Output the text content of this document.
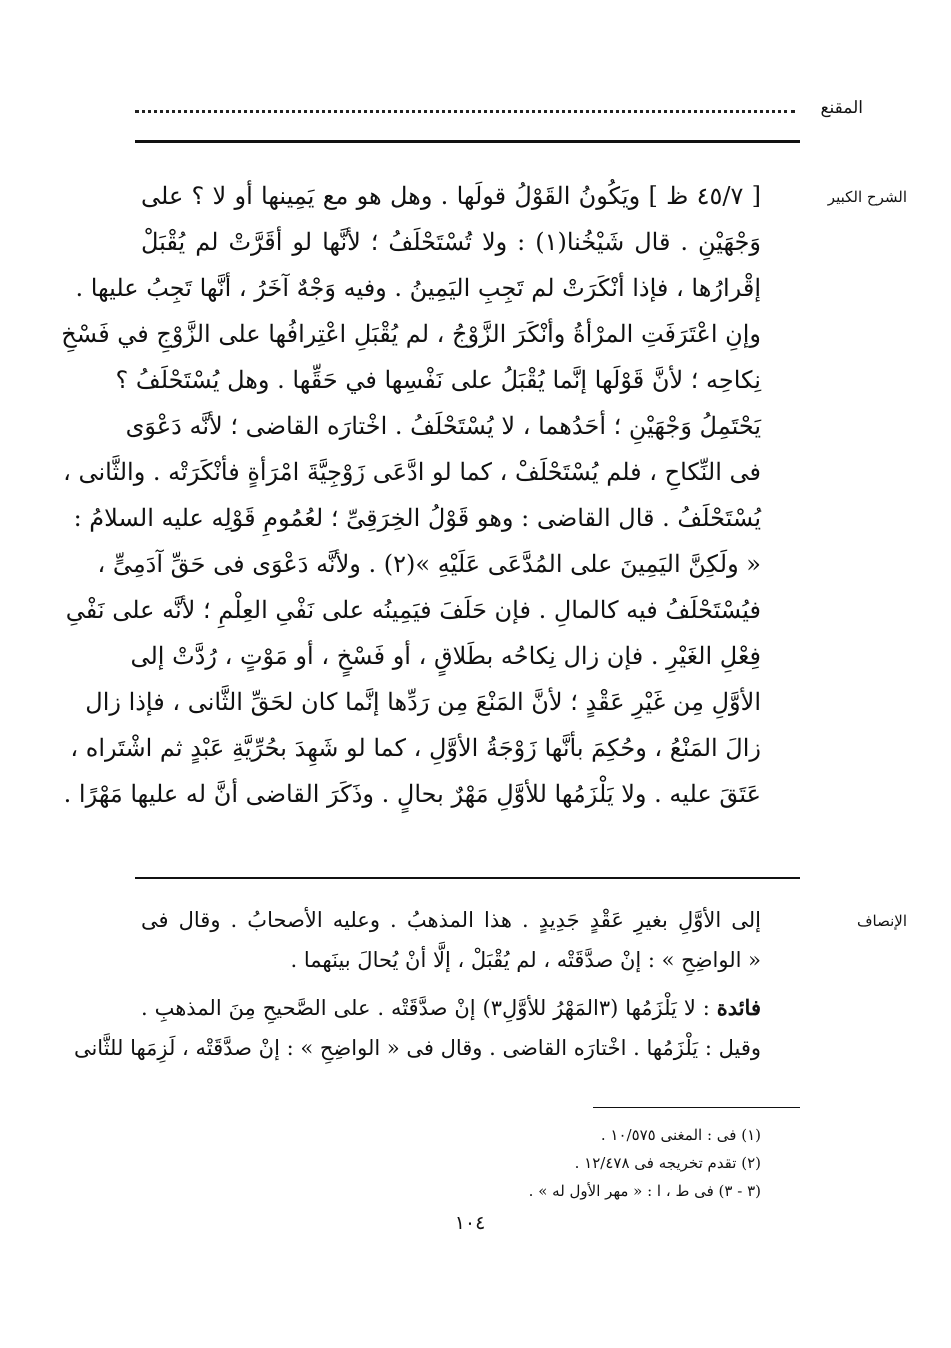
المقنع
الشرح الكبير
[ ٤٥/٧ ظ ] ويَكُونُ القَوْلُ قولَها . وهل هو مع يَمِينها أو لا ؟ على
وَجْهَيْنِ . قال شَيْخُنا(١) : ولا تُسْتَحْلَفُ ؛ لأنَّها لو أقَرَّتْ لم يُقْبَلْ
إقْرارُها ، فإذا أنْكَرَتْ لم تَجِبِ اليَمِينُ . وفيه وَجْهٌ آخَرُ ، أنَّها تَجِبُ عليها .
وإنِ اعْتَرَفَتِ المرْأةُ وأنْكَرَ الزَّوْجُ ، لم يُقْبَلِ اعْتِرافُها على الزَّوْجِ في فَسْخِ
نِكاحِه ؛ لأنَّ قَوْلَها إنَّما يُقْبَلُ على نَفْسِها في حَقِّها . وهل يُسْتَحْلَفُ ؟
يَحْتَمِلُ وَجْهَيْنِ ؛ أحَدُهما ، لا يُسْتَحْلَفُ . اخْتارَه القاضى ؛ لأنَّه دَعْوَى
فى النِّكاحِ ، فلم يُسْتَحْلَفْ ، كما لو ادَّعَى زَوْجِيَّةَ امْرَأةٍ فأنْكَرَتْه . والثَّانى ،
يُسْتَحْلَفُ . قال القاضى : وهو قَوْلُ الخِرَقِىِّ ؛ لعُمُومِ قَوْلِه عليه السلامُ :
« ولَكِنَّ اليَمِينَ على المُدَّعَى عَلَيْهِ »(٢) . ولأنَّه دَعْوَى فى حَقِّ آدَمِىٍّ ،
فيُسْتَحْلَفُ فيه كالمالِ . فإن حَلَفَ فيَمِينُه على نَفْىِ العِلْمِ ؛ لأنَّه على نَفْىِ
فِعْلِ الغَيْرِ . فإن زال نِكاحُه بطَلاقٍ ، أو فَسْخٍ ، أو مَوْتٍ ، رُدَّتْ إلى
الأوَّلِ مِن غَيْرِ عَقْدٍ ؛ لأنَّ المَنْعَ مِن رَدِّها إنَّما كان لحَقِّ الثَّانى ، فإذا زال
زالَ المَنْعُ ، وحُكِمَ بأنَّها زَوْجَةُ الأوَّلِ ، كما لو شَهِدَ بحُرِّيَّةِ عَبْدٍ ثم اشْتَراه ،
عَتَقَ عليه . ولا يَلْزَمُها للأوَّلِ مَهْرٌ بحالٍ . وذَكَرَ القاضى أنَّ له عليها مَهْرًا .
الإنصاف
إلى الأوَّلِ بغيرِ عَقْدٍ جَدِيدٍ . هذا المذهبُ . وعليه الأصحابُ . وقال فى
« الواضِحِ » : إنْ صدَّقَتْه ، لم يُقْبَلْ ، إلَّا أنْ يُحالَ بينَهما .
فائدة : لا يَلْزَمُها (٣المَهْرُ للأوَّلِ٣) إنْ صدَّقَتْه . على الصَّحيحِ مِنَ المذهبِ .
وقيل : يَلْزَمُها . اخْتارَه القاضى . وقال فى « الواضِحِ » : إنْ صدَّقَتْه ، لَزِمَها للثَّانى
(١) فى : المغنى ١٠/٥٧٥ .
(٢) تقدم تخريجه فى ١٢/٤٧٨ .
(٣ - ٣) فى ط ، ا : « مهر الأول له » .
١٠٤
